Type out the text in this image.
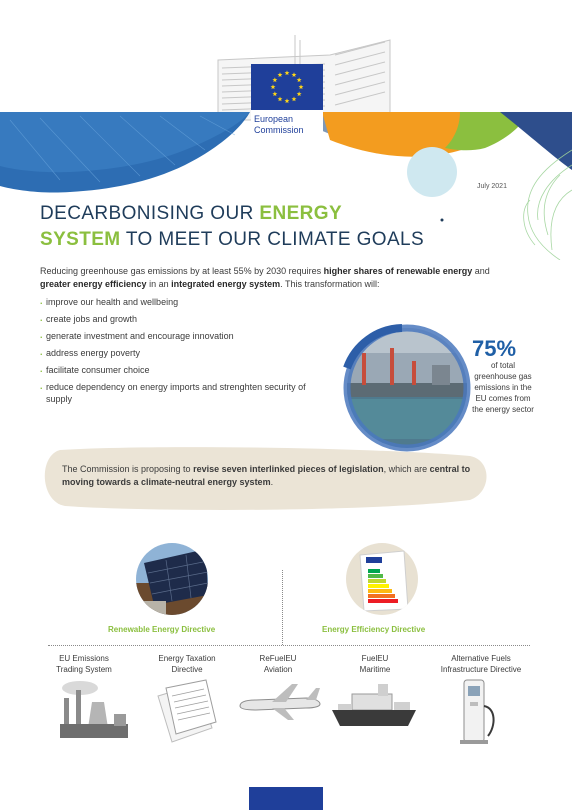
European
Commission
July 2021
DECARBONISING OUR ENERGY
SYSTEM TO MEET OUR CLIMATE GOALS

Reducing greenhouse gas emissions by at least 55% by 2030 requires higher shares of renewable energy and greater energy efficiency in an integrated energy system. This transformation will:

. improve our health and wellbeing
. create jobs and growth
. generate investment and encourage innovation
. address energy poverty
. facilitate consumer choice
. reduce dependency on energy imports and strenghten security of supply
75%
of total greenhouse gas emissions in the EU comes from the energy sector

The Commission is proposing to revise seven interlinked pieces of legislation, which are central to moving towards a climate-neutral energy system.

Renewable Energy Directive	Energy Efficiency Directive
EU Emissions
Trading System
Energy Taxation
Directive
ReFuelEU
Aviation
FuelEU
Maritime
Alternative Fuels
Infrastructure Directive
